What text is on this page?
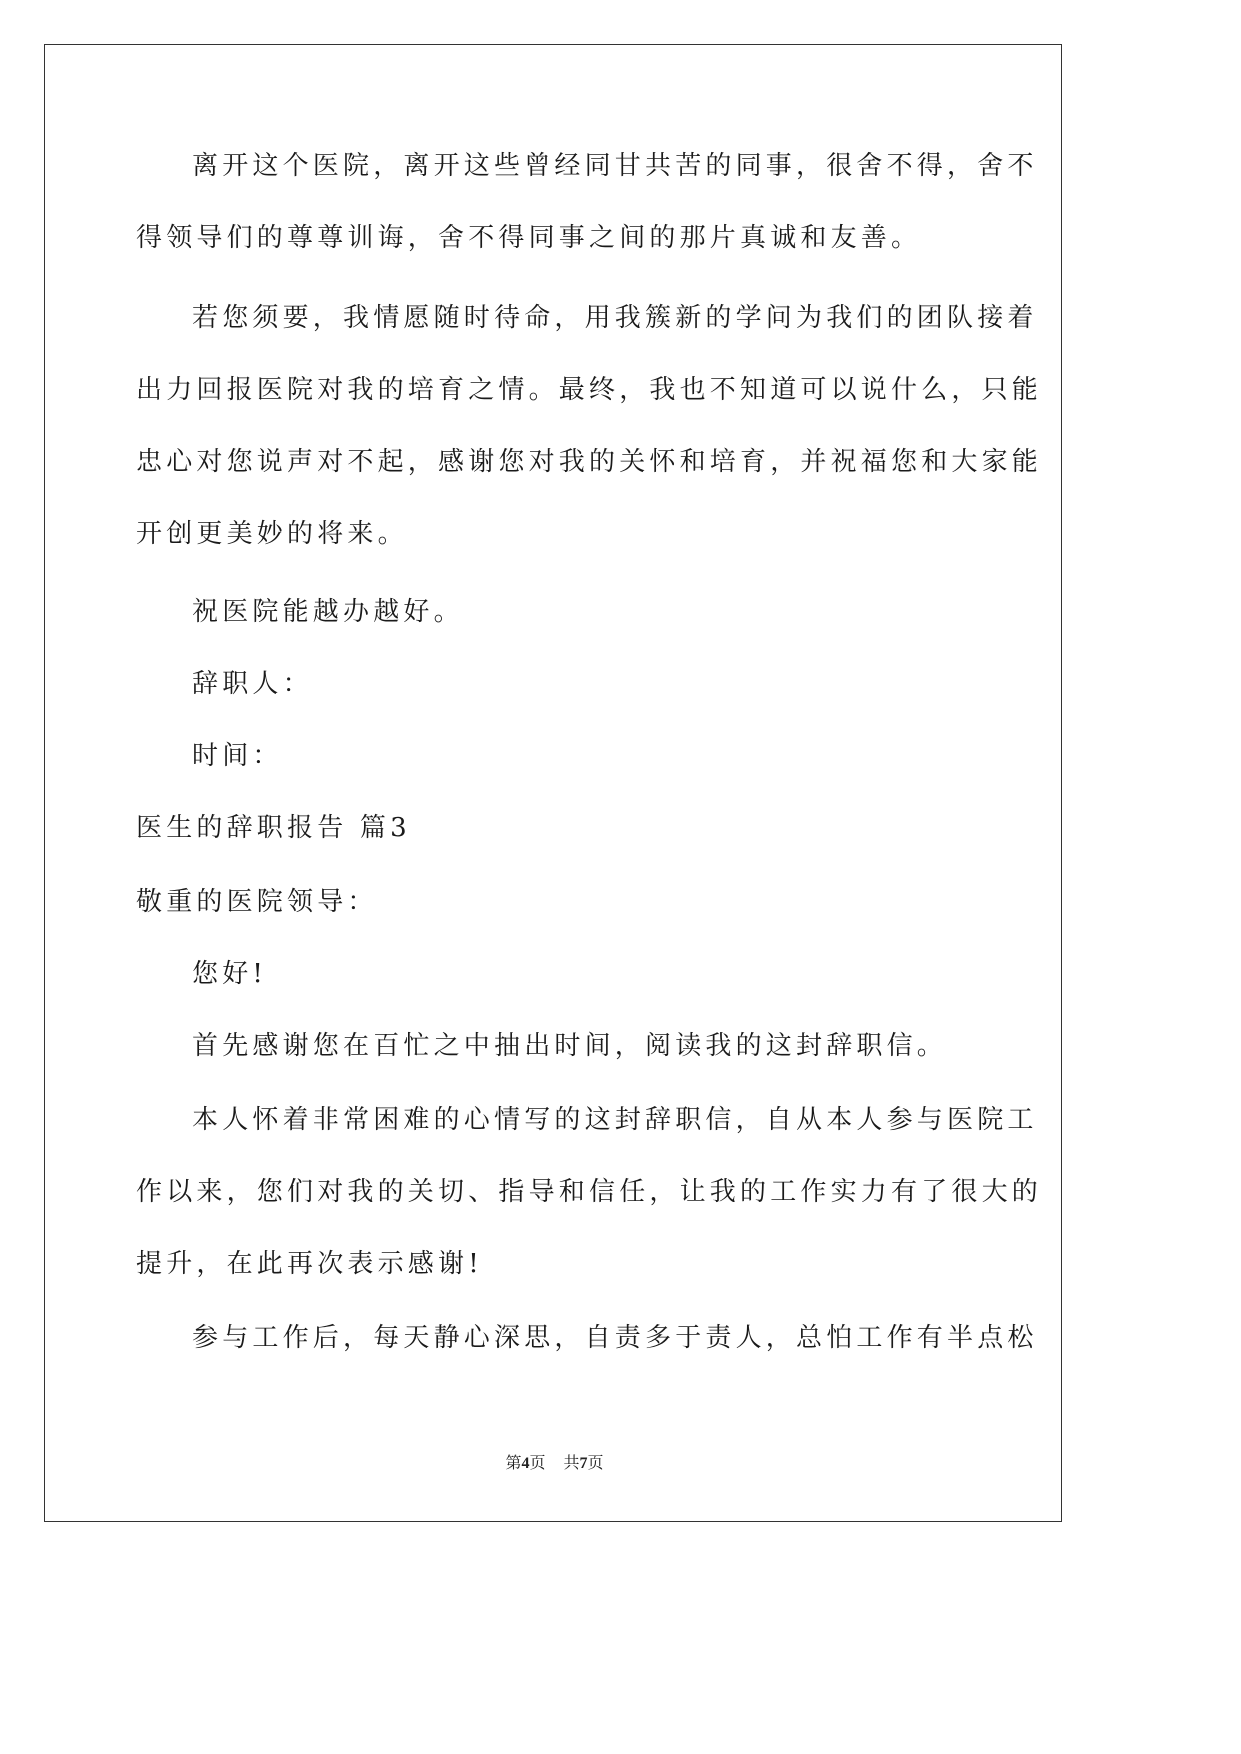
离开这个医院，离开这些曾经同甘共苦的同事，很舍不得，舍不
得领导们的尊尊训诲，舍不得同事之间的那片真诚和友善。
若您须要，我情愿随时待命，用我簇新的学问为我们的团队接着
出力回报医院对我的培育之情。最终，我也不知道可以说什么，只能
忠心对您说声对不起，感谢您对我的关怀和培育，并祝福您和大家能
开创更美妙的将来。
祝医院能越办越好。
辞职人：
时间：
医生的辞职报告 篇3
敬重的医院领导：
您好!
首先感谢您在百忙之中抽出时间，阅读我的这封辞职信。
本人怀着非常困难的心情写的这封辞职信，自从本人参与医院工
作以来，您们对我的关切、指导和信任，让我的工作实力有了很大的
提升，在此再次表示感谢!
参与工作后，每天静心深思，自责多于责人，总怕工作有半点松
第4页 共7页
